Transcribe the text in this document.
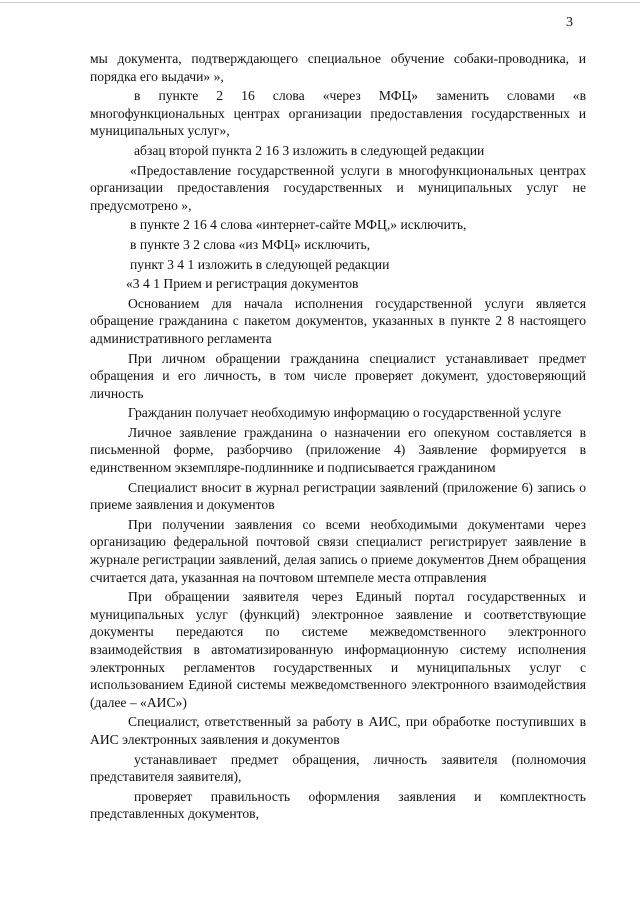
3

мы документа, подтверждающего специальное обучение собаки-проводника, и порядка его выдачи» »,

в пункте 2 16 слова «через МФЦ» заменить словами «в многофункциональных центрах организации предоставления государственных и муниципальных услуг»,

абзац второй пункта 2 16 3 изложить в следующей редакции

«Предоставление государственной услуги в многофункциональных центрах организации предоставления государственных и муниципальных услуг не предусмотрено »,

в пункте 2 16 4 слова «интернет-сайте МФЦ,» исключить,

в пункте 3 2 слова «из МФЦ» исключить,

пункт 3 4 1 изложить в следующей редакции

«3 4 1 Прием и регистрация документов

Основанием для начала исполнения государственной услуги является обращение гражданина с пакетом документов, указанных в пункте 2 8 настоящего административного регламента

При личном обращении гражданина специалист устанавливает предмет обращения и его личность, в том числе проверяет документ, удостоверяющий личность

Гражданин получает необходимую информацию о государственной услуге

Личное заявление гражданина о назначении его опекуном составляется в письменной форме, разборчиво (приложение 4) Заявление формируется в единственном экземпляре-подлиннике и подписывается гражданином

Специалист вносит в журнал регистрации заявлений (приложение 6) запись о приеме заявления и документов

При получении заявления со всеми необходимыми документами через организацию федеральной почтовой связи специалист регистрирует заявление в журнале регистрации заявлений, делая запись о приеме документов Днем обращения считается дата, указанная на почтовом штемпеле места отправления

При обращении заявителя через Единый портал государственных и муниципальных услуг (функций) электронное заявление и соответствующие документы передаются по системе межведомственного электронного взаимодействия в автоматизированную информационную систему исполнения электронных регламентов государственных и муниципальных услуг с использованием Единой системы межведомственного электронного взаимодействия (далее – «АИС»)

Специалист, ответственный за работу в АИС, при обработке поступивших в АИС электронных заявления и документов

устанавливает предмет обращения, личность заявителя (полномочия представителя заявителя),

проверяет правильность оформления заявления и комплектность представленных документов,
